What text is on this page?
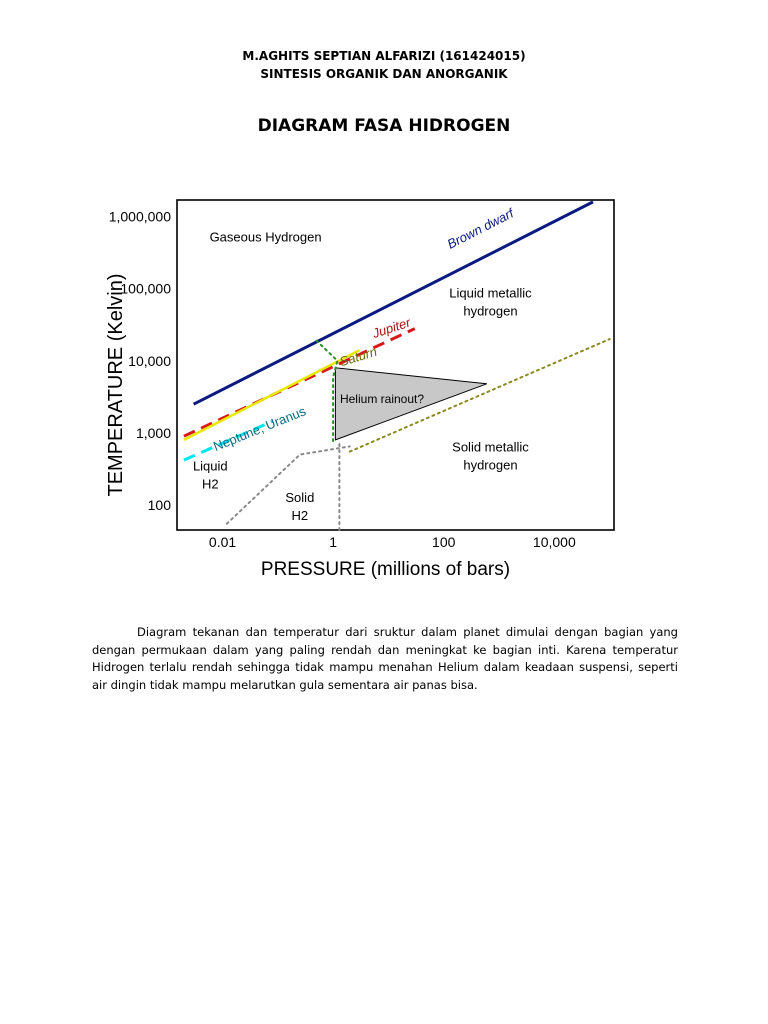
M.AGHITS SEPTIAN ALFARIZI (161424015)
SINTESIS ORGANIK DAN ANORGANIK
DIAGRAM FASA HIDROGEN
0.01	1	100	10,000
100
1,000
10,000
100,000
1,000,000
PRESSURE (millions of bars)
TEMPERATURE (Kelvin)
Gaseous Hydrogen
Liquid metallic hydrogen
Solid metallic hydrogen
Liquid H2
Solid H2
Brown dwarf
Jupiter
Saturn
Neptune, Uranus
Helium rainout?
Diagram tekanan dan temperatur dari sruktur dalam planet dimulai dengan bagian yang dengan permukaan dalam yang paling rendah dan meningkat ke bagian inti. Karena temperatur Hidrogen terlalu rendah sehingga tidak mampu menahan Helium dalam keadaan suspensi, seperti air dingin tidak mampu melarutkan gula sementara air panas bisa.
